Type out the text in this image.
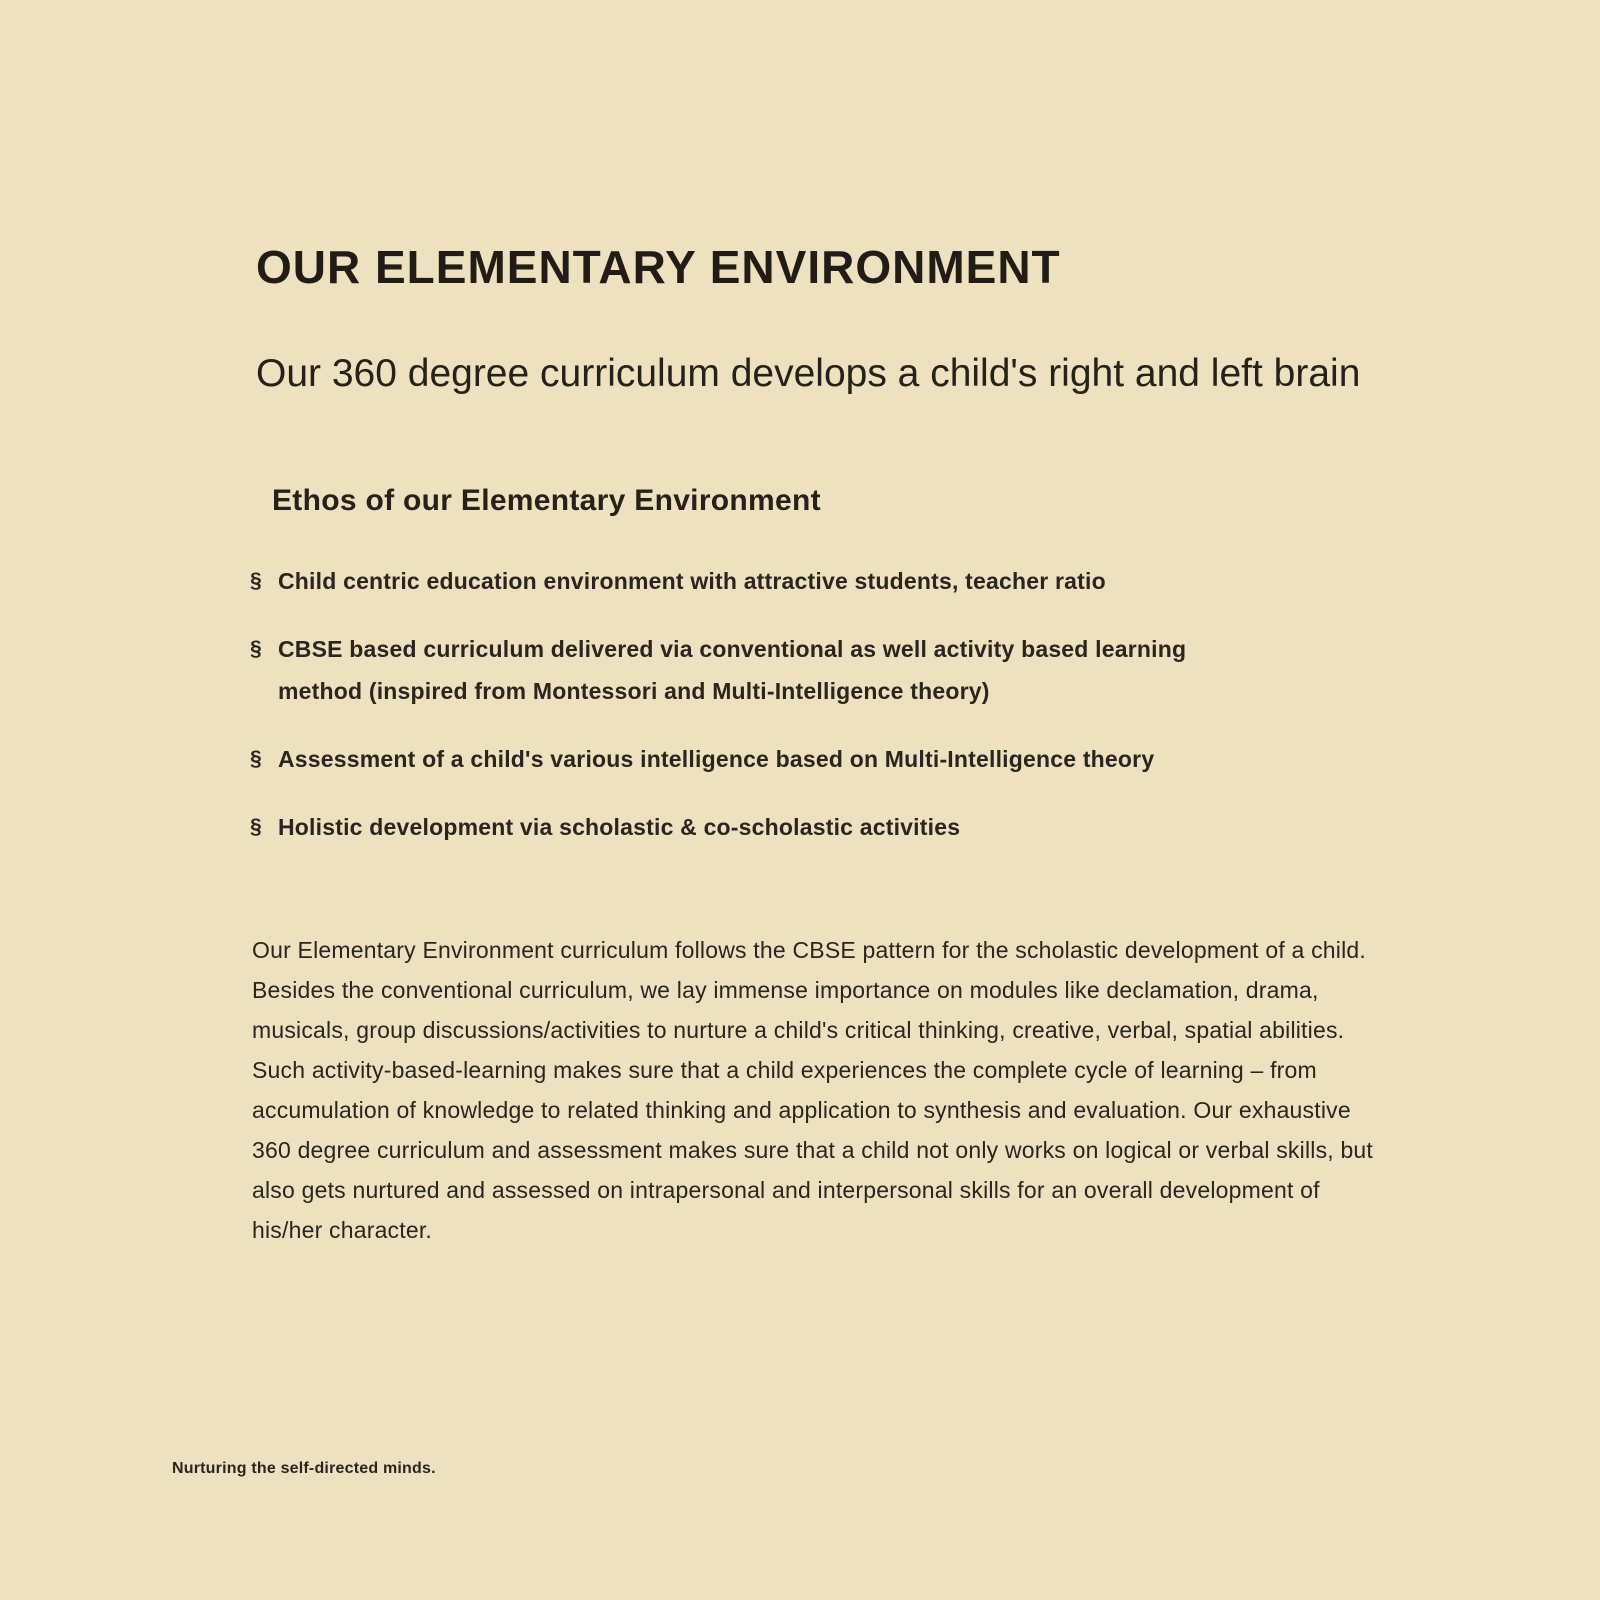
OUR ELEMENTARY ENVIRONMENT

Our 360 degree curriculum develops a child's right and left brain

Ethos of our Elementary Environment
§ Child centric education environment with attractive students, teacher ratio
§ CBSE based curriculum delivered via conventional as well activity based learning method (inspired from Montessori and Multi-Intelligence theory)
§ Assessment of a child's various intelligence based on Multi-Intelligence theory
§ Holistic development via scholastic & co-scholastic activities

Our Elementary Environment curriculum follows the CBSE pattern for the scholastic development of a child. Besides the conventional curriculum, we lay immense importance on modules like declamation, drama, musicals, group discussions/activities to nurture a child's critical thinking, creative, verbal, spatial abilities. Such activity-based-learning makes sure that a child experiences the complete cycle of learning – from accumulation of knowledge to related thinking and application to synthesis and evaluation. Our exhaustive 360 degree curriculum and assessment makes sure that a child not only works on logical or verbal skills, but also gets nurtured and assessed on intrapersonal and interpersonal skills for an overall development of his/her character.

Nurturing the self-directed minds.
